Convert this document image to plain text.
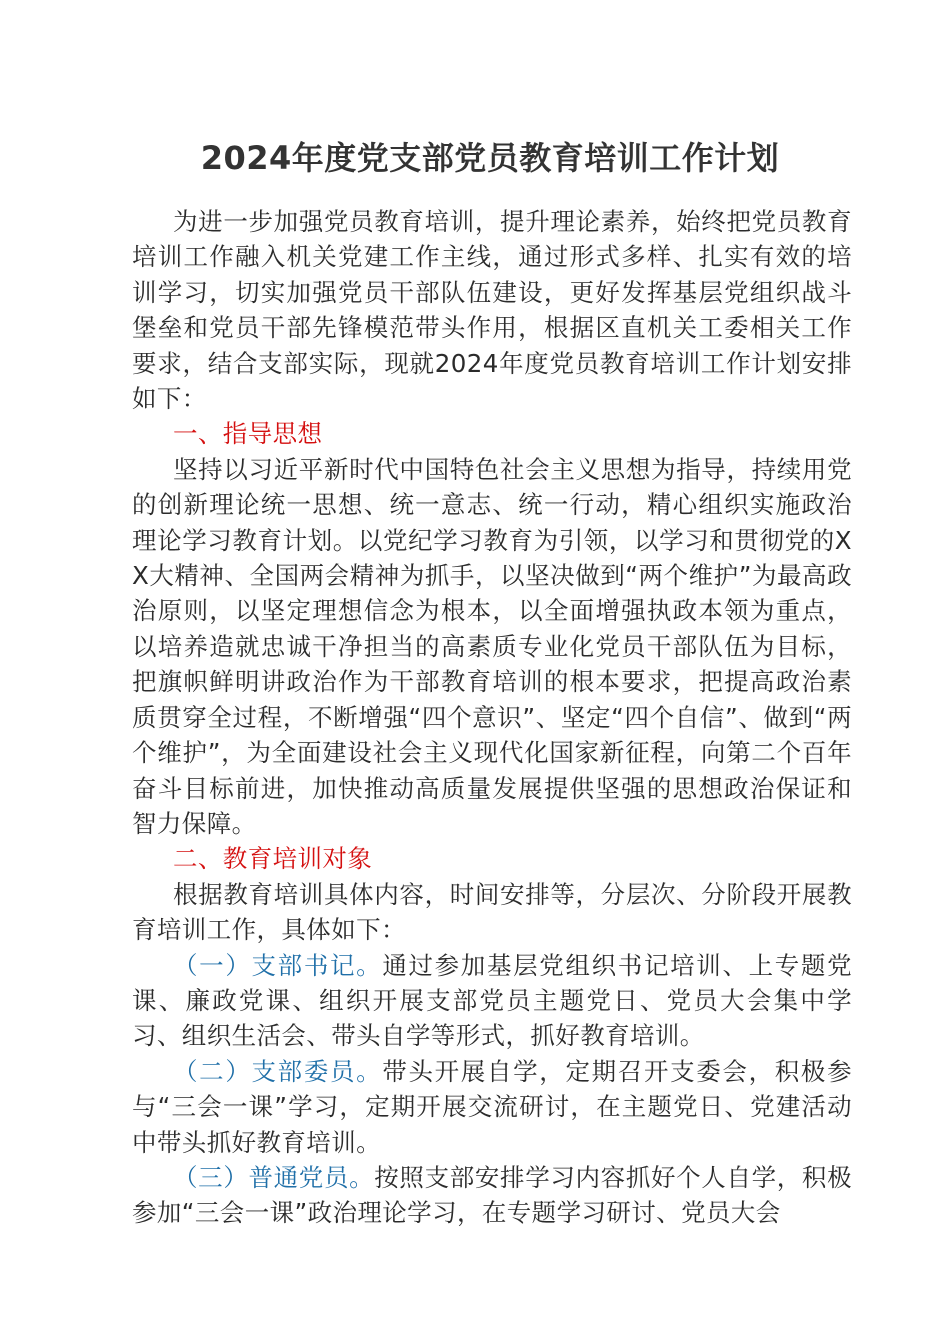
2024年度党支部党员教育培训工作计划

为进一步加强党员教育培训，提升理论素养，始终把党员教育培训工作融入机关党建工作主线，通过形式多样、扎实有效的培训学习，切实加强党员干部队伍建设，更好发挥基层党组织战斗堡垒和党员干部先锋模范带头作用，根据区直机关工委相关工作要求，结合支部实际，现就2024年度党员教育培训工作计划安排如下：

一、指导思想

坚持以习近平新时代中国特色社会主义思想为指导，持续用党的创新理论统一思想、统一意志、统一行动，精心组织实施政治理论学习教育计划。以党纪学习教育为引领，以学习和贯彻党的XX大精神、全国两会精神为抓手，以坚决做到“两个维护”为最高政治原则，以坚定理想信念为根本，以全面增强执政本领为重点，以培养造就忠诚干净担当的高素质专业化党员干部队伍为目标，把旗帜鲜明讲政治作为干部教育培训的根本要求，把提高政治素质贯穿全过程，不断增强“四个意识”、坚定“四个自信”、做到“两个维护”，为全面建设社会主义现代化国家新征程，向第二个百年奋斗目标前进，加快推动高质量发展提供坚强的思想政治保证和智力保障。

二、教育培训对象

根据教育培训具体内容，时间安排等，分层次、分阶段开展教育培训工作，具体如下：

（一）支部书记。通过参加基层党组织书记培训、上专题党课、廉政党课、组织开展支部党员主题党日、党员大会集中学习、组织生活会、带头自学等形式，抓好教育培训。

（二）支部委员。带头开展自学，定期召开支委会，积极参与“三会一课”学习，定期开展交流研讨，在主题党日、党建活动中带头抓好教育培训。

（三）普通党员。按照支部安排学习内容抓好个人自学，积极参加“三会一课”政治理论学习，在专题学习研讨、党员大会
